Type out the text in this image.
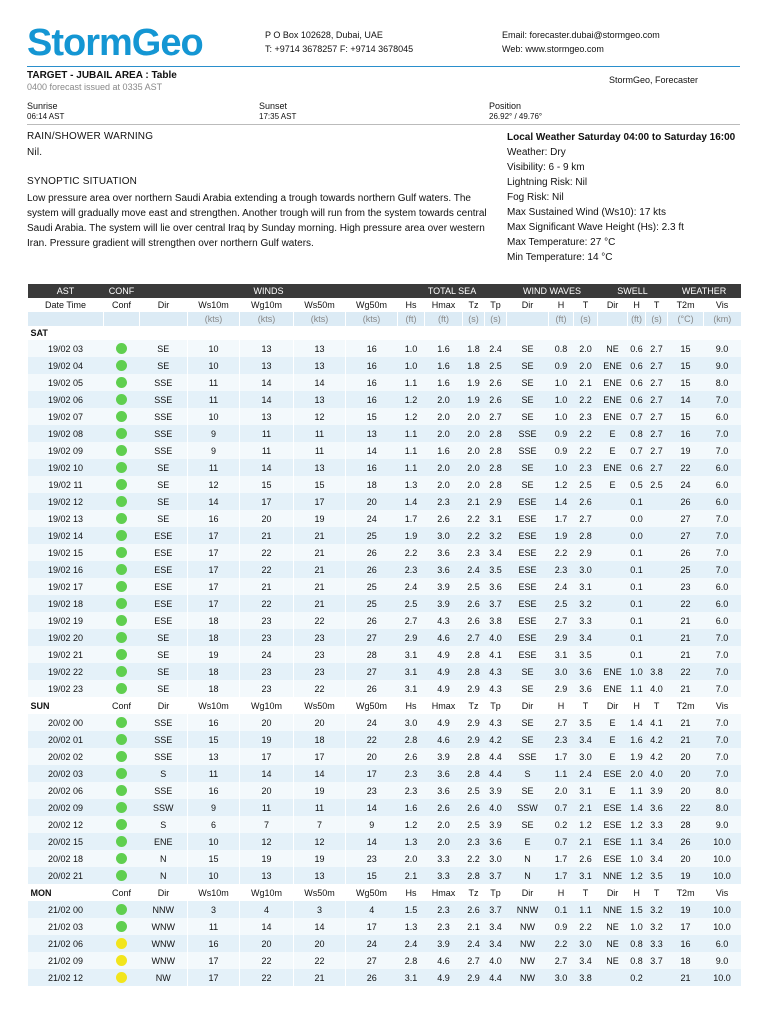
StormGeo	P O Box 102628, Dubai, UAE
T: +9714 3678257 F: +9714 3678045
Email: forecaster.dubai@stormgeo.com
Web: www.stormgeo.com
TARGET - JUBAIL AREA : Table
0400 forecast issued at 0335 AST
StormGeo, Forecaster
Sunrise
06:14 AST
Sunset
17:35 AST
Position
26.92° / 49.76°
RAIN/SHOWER WARNING
Nil.
SYNOPTIC SITUATION
Low pressure area over northern Saudi Arabia extending a trough towards northern Gulf waters. The system will gradually move east and strengthen. Another trough will run from the system towards central Saudi Arabia. The system will lie over central Iraq by Sunday morning. High pressure area over western Iran. Pressure gradient will strengthen over northern Gulf waters.
Local Weather Saturday 04:00 to Saturday 16:00
Weather: Dry
Visibility: 6 - 9 km
Lightning Risk: Nil
Fog Risk: Nil
Max Sustained Wind (Ws10): 17 kts
Max Significant Wave Height (Hs): 2.3 ft
Max Temperature: 27 °C
Min Temperature: 14 °C
AST	CONF	WINDS					TOTAL SEA				WIND WAVES			SWELL			WEATHER	
Date Time	Conf	Dir	Ws10m	Wg10m	Ws50m	Wg50m	Hs	Hmax	Tz	Tp	Dir	H	T	Dir	H	T	T2m	Vis
			(kts)	(kts)	(kts)	(kts)	(ft)	(ft)	(s)	(s)		(ft)	(s)		(ft)	(s)	(°C)	(km)
SAT																		
19/02 03		SE	10	13	13	16	1.0	1.6	1.8	2.4	SE	0.8	2.0	NE	0.6	2.7	15	9.0
19/02 04		SE	10	13	13	16	1.0	1.6	1.8	2.5	SE	0.9	2.0	ENE	0.6	2.7	15	9.0
19/02 05		SSE	11	14	14	16	1.1	1.6	1.9	2.6	SE	1.0	2.1	ENE	0.6	2.7	15	8.0
19/02 06		SSE	11	14	13	16	1.2	2.0	1.9	2.6	SE	1.0	2.2	ENE	0.6	2.7	14	7.0
19/02 07		SSE	10	13	12	15	1.2	2.0	2.0	2.7	SE	1.0	2.3	ENE	0.7	2.7	15	6.0
19/02 08		SSE	9	11	11	13	1.1	2.0	2.0	2.8	SSE	0.9	2.2	E	0.8	2.7	16	7.0
19/02 09		SSE	9	11	11	14	1.1	1.6	2.0	2.8	SSE	0.9	2.2	E	0.7	2.7	19	7.0
19/02 10		SE	11	14	13	16	1.1	2.0	2.0	2.8	SE	1.0	2.3	ENE	0.6	2.7	22	6.0
19/02 11		SE	12	15	15	18	1.3	2.0	2.0	2.8	SE	1.2	2.5	E	0.5	2.5	24	6.0
19/02 12		SE	14	17	17	20	1.4	2.3	2.1	2.9	ESE	1.4	2.6		0.1		26	6.0
19/02 13		SE	16	20	19	24	1.7	2.6	2.2	3.1	ESE	1.7	2.7		0.0		27	7.0
19/02 14		ESE	17	21	21	25	1.9	3.0	2.2	3.2	ESE	1.9	2.8		0.0		27	7.0
19/02 15		ESE	17	22	21	26	2.2	3.6	2.3	3.4	ESE	2.2	2.9		0.1		26	7.0
19/02 16		ESE	17	22	21	26	2.3	3.6	2.4	3.5	ESE	2.3	3.0		0.1		25	7.0
19/02 17		ESE	17	21	21	25	2.4	3.9	2.5	3.6	ESE	2.4	3.1		0.1		23	6.0
19/02 18		ESE	17	22	21	25	2.5	3.9	2.6	3.7	ESE	2.5	3.2		0.1		22	6.0
19/02 19		ESE	18	23	22	26	2.7	4.3	2.6	3.8	ESE	2.7	3.3		0.1		21	6.0
19/02 20		SE	18	23	23	27	2.9	4.6	2.7	4.0	ESE	2.9	3.4		0.1		21	7.0
19/02 21		SE	19	24	23	28	3.1	4.9	2.8	4.1	ESE	3.1	3.5		0.1		21	7.0
19/02 22		SE	18	23	23	27	3.1	4.9	2.8	4.3	SE	3.0	3.6	ENE	1.0	3.8	22	7.0
19/02 23		SE	18	23	22	26	3.1	4.9	2.9	4.3	SE	2.9	3.6	ENE	1.1	4.0	21	7.0
SUN	Conf	Dir	Ws10m	Wg10m	Ws50m	Wg50m	Hs	Hmax	Tz	Tp	Dir	H	T	Dir	H	T	T2m	Vis
20/02 00		SSE	16	20	20	24	3.0	4.9	2.9	4.3	SE	2.7	3.5	E	1.4	4.1	21	7.0
20/02 01		SSE	15	19	18	22	2.8	4.6	2.9	4.2	SE	2.3	3.4	E	1.6	4.2	21	7.0
20/02 02		SSE	13	17	17	20	2.6	3.9	2.8	4.4	SSE	1.7	3.0	E	1.9	4.2	20	7.0
20/02 03		S	11	14	14	17	2.3	3.6	2.8	4.4	S	1.1	2.4	ESE	2.0	4.0	20	7.0
20/02 06		SSE	16	20	19	23	2.3	3.6	2.5	3.9	SE	2.0	3.1	E	1.1	3.9	20	8.0
20/02 09		SSW	9	11	11	14	1.6	2.6	2.6	4.0	SSW	0.7	2.1	ESE	1.4	3.6	22	8.0
20/02 12		S	6	7	7	9	1.2	2.0	2.5	3.9	SE	0.2	1.2	ESE	1.2	3.3	28	9.0
20/02 15		ENE	10	12	12	14	1.3	2.0	2.3	3.6	E	0.7	2.1	ESE	1.1	3.4	26	10.0
20/02 18		N	15	19	19	23	2.0	3.3	2.2	3.0	N	1.7	2.6	ESE	1.0	3.4	20	10.0
20/02 21		N	10	13	13	15	2.1	3.3	2.8	3.7	N	1.7	3.1	NNE	1.2	3.5	19	10.0
MON	Conf	Dir	Ws10m	Wg10m	Ws50m	Wg50m	Hs	Hmax	Tz	Tp	Dir	H	T	Dir	H	T	T2m	Vis
21/02 00		NNW	3	4	3	4	1.5	2.3	2.6	3.7	NNW	0.1	1.1	NNE	1.5	3.2	19	10.0
21/02 03		WNW	11	14	14	17	1.3	2.3	2.1	3.4	NW	0.9	2.2	NE	1.0	3.2	17	10.0
21/02 06		WNW	16	20	20	24	2.4	3.9	2.4	3.4	NW	2.2	3.0	NE	0.8	3.3	16	6.0
21/02 09		WNW	17	22	22	27	2.8	4.6	2.7	4.0	NW	2.7	3.4	NE	0.8	3.7	18	9.0
21/02 12		NW	17	22	21	26	3.1	4.9	2.9	4.4	NW	3.0	3.8		0.2		21	10.0
